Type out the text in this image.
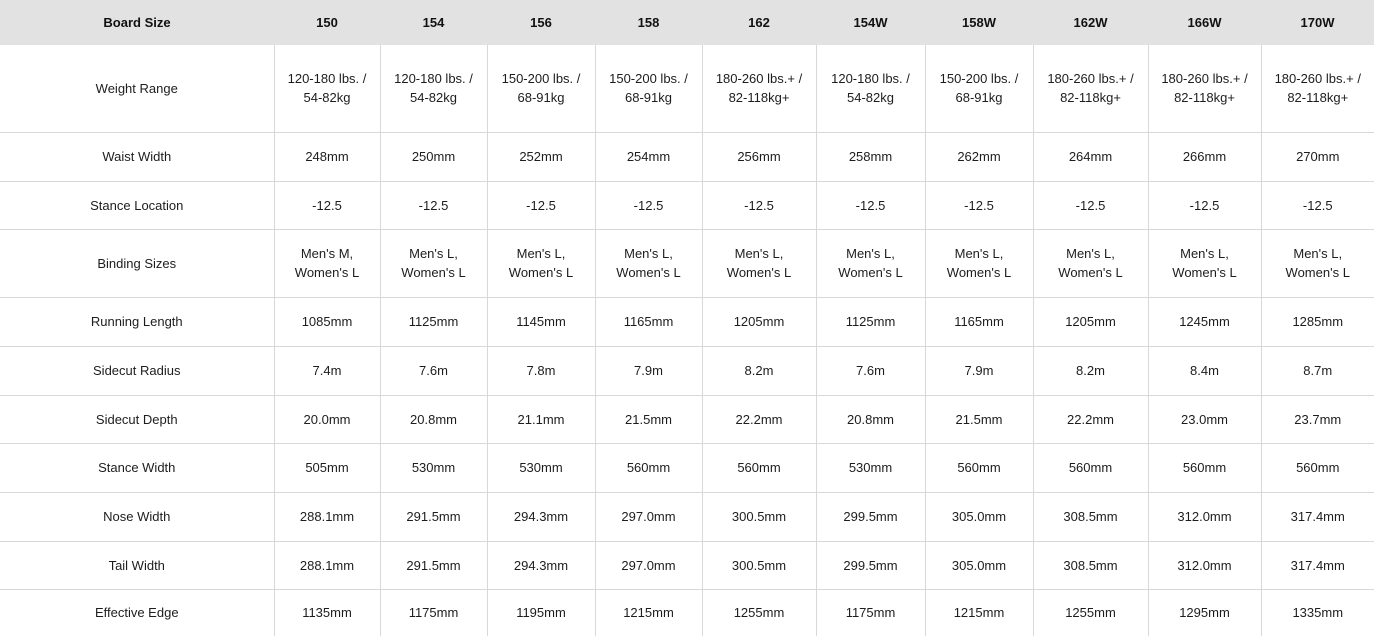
Board Size	150	154	156	158	162	154W	158W	162W	166W	170W
Weight Range	120-180 lbs. / 54-82kg	120-180 lbs. / 54-82kg	150-200 lbs. / 68-91kg	150-200 lbs. / 68-91kg	180-260 lbs.+ / 82-118kg+	120-180 lbs. / 54-82kg	150-200 lbs. / 68-91kg	180-260 lbs.+ / 82-118kg+	180-260 lbs.+ / 82-118kg+	180-260 lbs.+ / 82-118kg+
Waist Width	248mm	250mm	252mm	254mm	256mm	258mm	262mm	264mm	266mm	270mm
Stance Location	-12.5	-12.5	-12.5	-12.5	-12.5	-12.5	-12.5	-12.5	-12.5	-12.5
Binding Sizes	Men's M, Women's L	Men's L, Women's L	Men's L, Women's L	Men's L, Women's L	Men's L, Women's L	Men's L, Women's L	Men's L, Women's L	Men's L, Women's L	Men's L, Women's L	Men's L, Women's L
Running Length	1085mm	1125mm	1145mm	1165mm	1205mm	1125mm	1165mm	1205mm	1245mm	1285mm
Sidecut Radius	7.4m	7.6m	7.8m	7.9m	8.2m	7.6m	7.9m	8.2m	8.4m	8.7m
Sidecut Depth	20.0mm	20.8mm	21.1mm	21.5mm	22.2mm	20.8mm	21.5mm	22.2mm	23.0mm	23.7mm
Stance Width	505mm	530mm	530mm	560mm	560mm	530mm	560mm	560mm	560mm	560mm
Nose Width	288.1mm	291.5mm	294.3mm	297.0mm	300.5mm	299.5mm	305.0mm	308.5mm	312.0mm	317.4mm
Tail Width	288.1mm	291.5mm	294.3mm	297.0mm	300.5mm	299.5mm	305.0mm	308.5mm	312.0mm	317.4mm
Effective Edge	1135mm	1175mm	1195mm	1215mm	1255mm	1175mm	1215mm	1255mm	1295mm	1335mm
